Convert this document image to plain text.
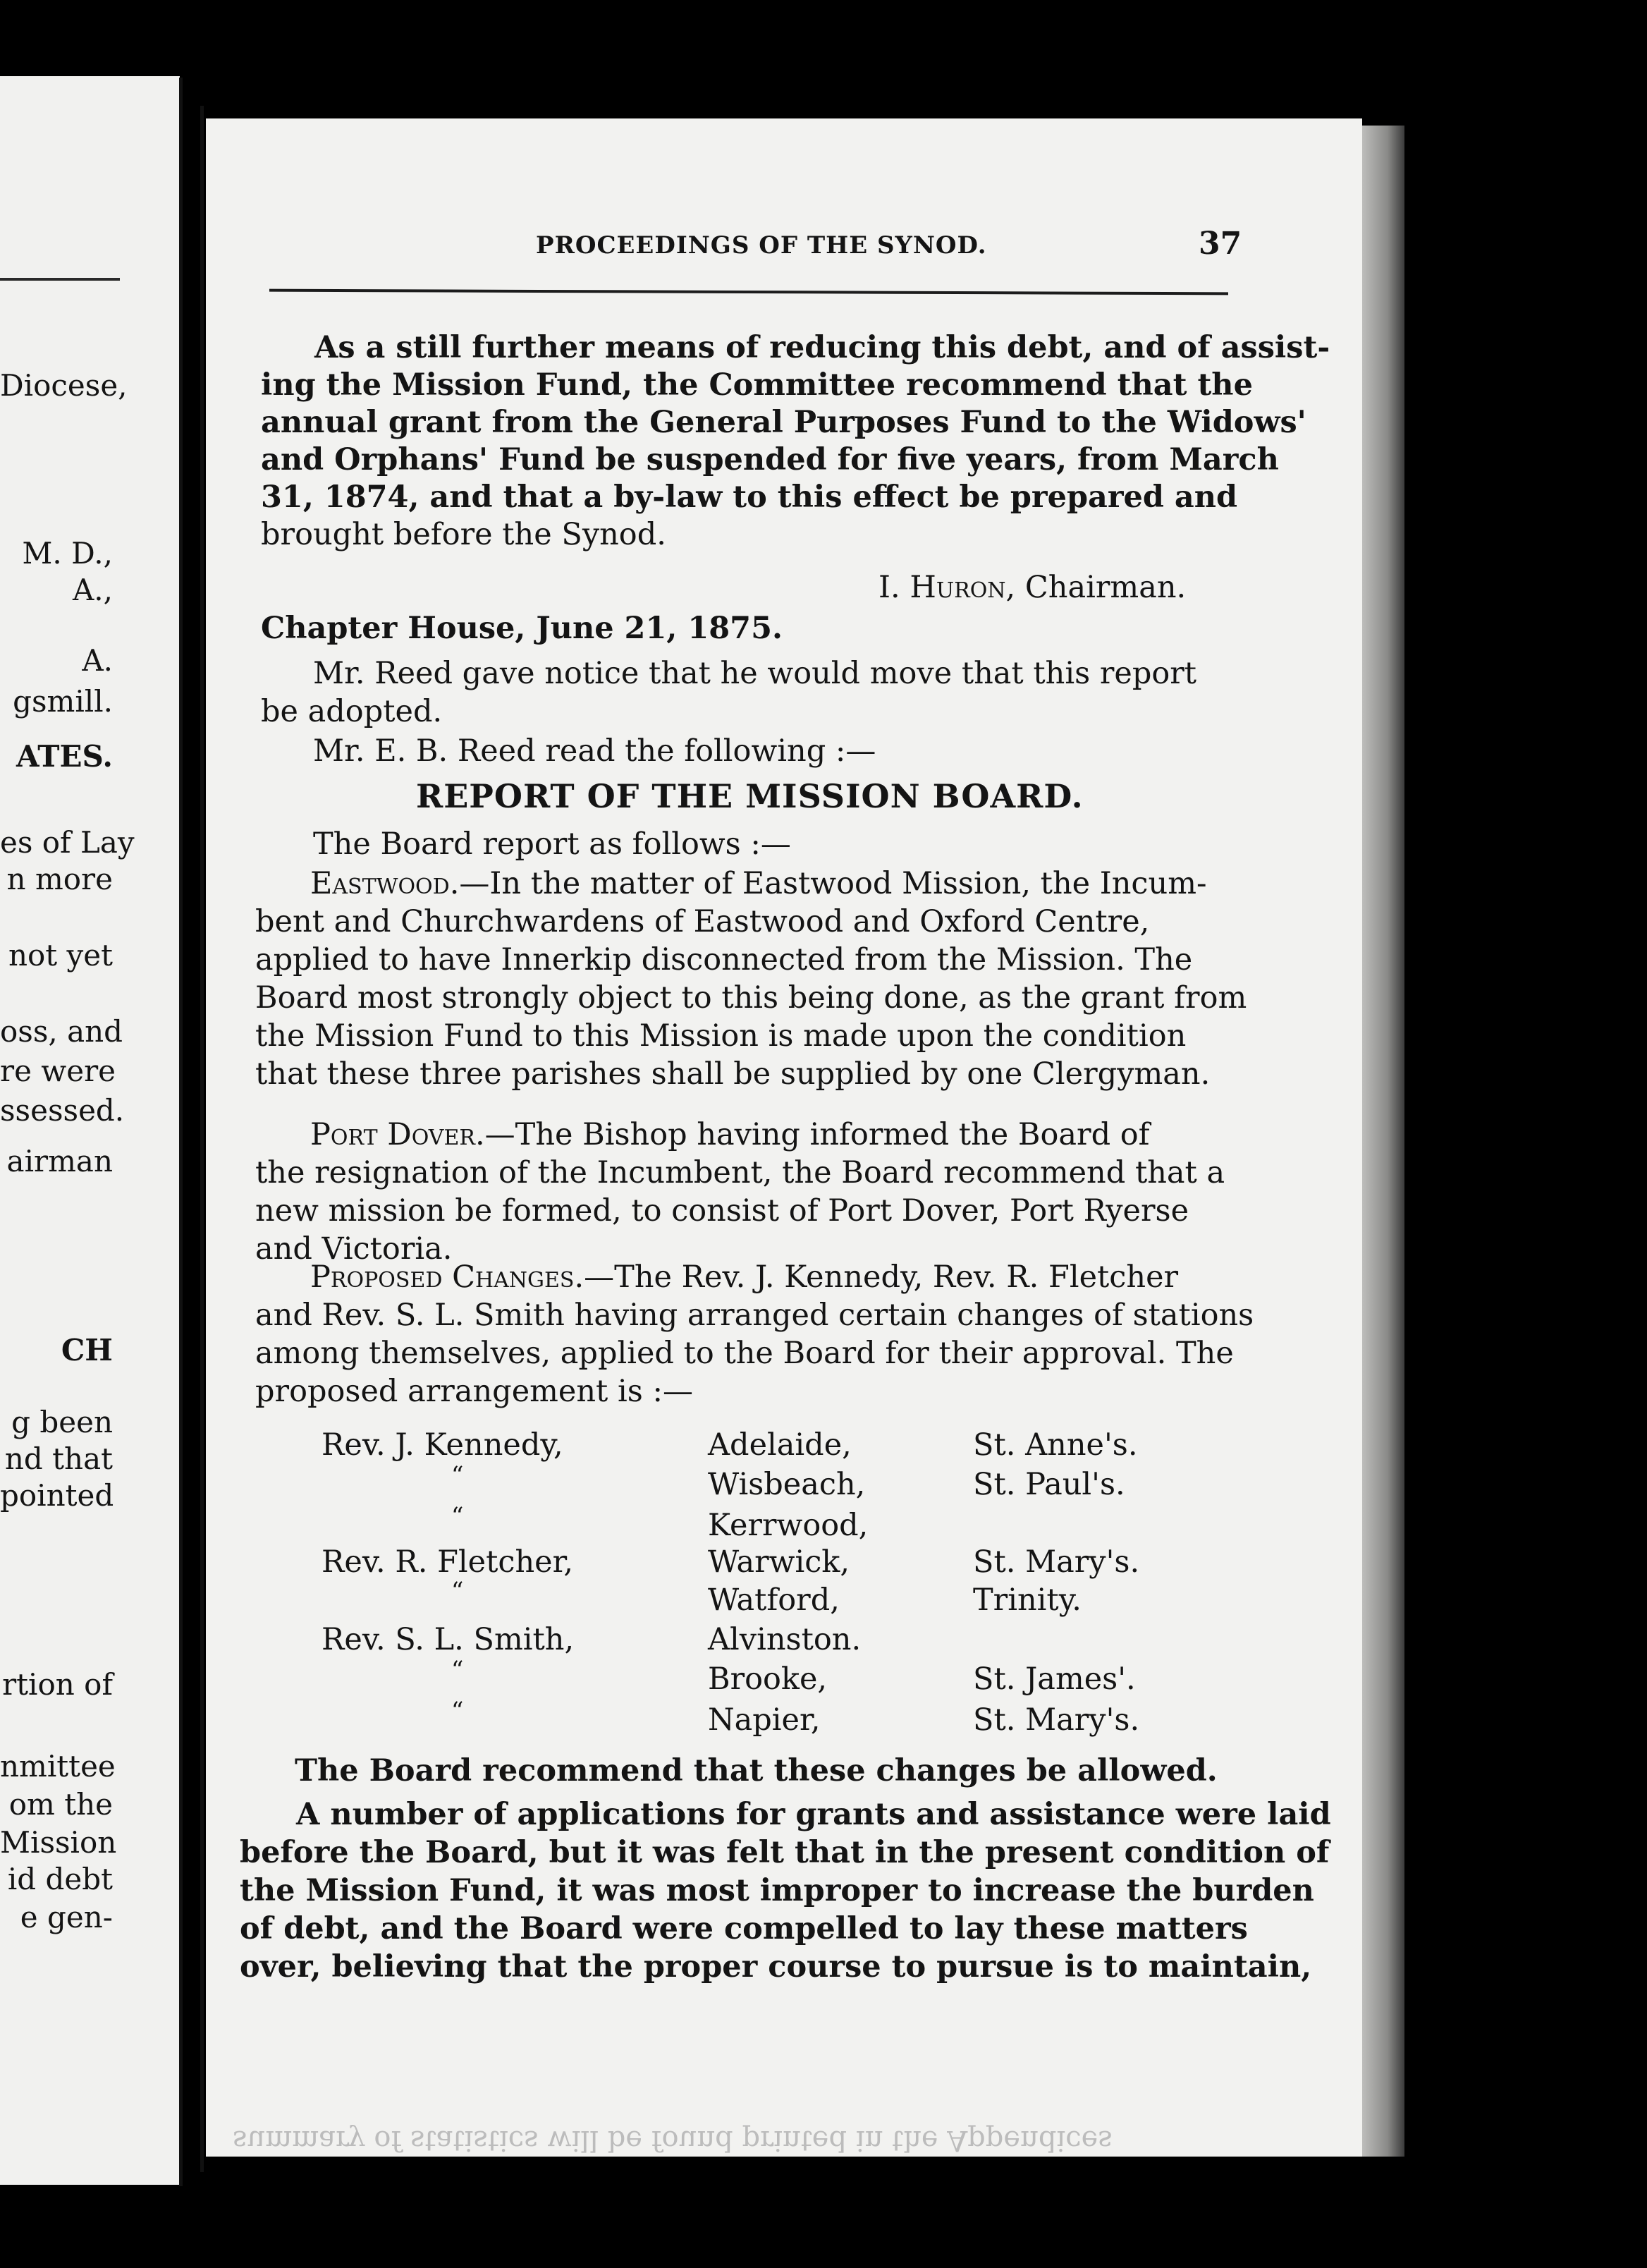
Diocese,
M. D.,
A.,
A.
gsmill.
ATES.
es of Lay
n more
not yet
oss, and
re were
ssessed.
airman
CH
g been
nd that
pointed
rtion of
nmittee
om the
Mission
id debt
e gen-
PROCEEDINGS OF THE SYNOD.	37
As a still further means of reducing this debt, and of assist-
ing the Mission Fund, the Committee recommend that the
annual grant from the General Purposes Fund to the Widows'
and Orphans' Fund be suspended for five years, from March
31, 1874, and that a by-law to this effect be prepared and
brought before the Synod.
I. Huron, Chairman.
Chapter House, June 21, 1875.
Mr. Reed gave notice that he would move that this report
be adopted.
Mr. E. B. Reed read the following :—
REPORT OF THE MISSION BOARD.
The Board report as follows :—
Eastwood.—In the matter of Eastwood Mission, the Incum-
bent and Churchwardens of Eastwood and Oxford Centre,
applied to have Innerkip disconnected from the Mission. The
Board most strongly object to this being done, as the grant from
the Mission Fund to this Mission is made upon the condition
that these three parishes shall be supplied by one Clergyman.
Port Dover.—The Bishop having informed the Board of
the resignation of the Incumbent, the Board recommend that a
new mission be formed, to consist of Port Dover, Port Ryerse
and Victoria.
Proposed Changes.—The Rev. J. Kennedy, Rev. R. Fletcher
and Rev. S. L. Smith having arranged certain changes of stations
among themselves, applied to the Board for their approval. The
proposed arrangement is :—
Rev. J. Kennedy,	Adelaide,	St. Anne's.
“	Wisbeach,	St. Paul's.
“	Kerrwood,
Rev. R. Fletcher,	Warwick,	St. Mary's.
“	Watford,	Trinity.
Rev. S. L. Smith,	Alvinston.
“	Brooke,	St. James'.
“	Napier,	St. Mary's.
The Board recommend that these changes be allowed.
A number of applications for grants and assistance were laid
before the Board, but it was felt that in the present condition of
the Mission Fund, it was most improper to increase the burden
of debt, and the Board were compelled to lay these matters
over, believing that the proper course to pursue is to maintain,
summary of statistics will be found printed in the Appendices
